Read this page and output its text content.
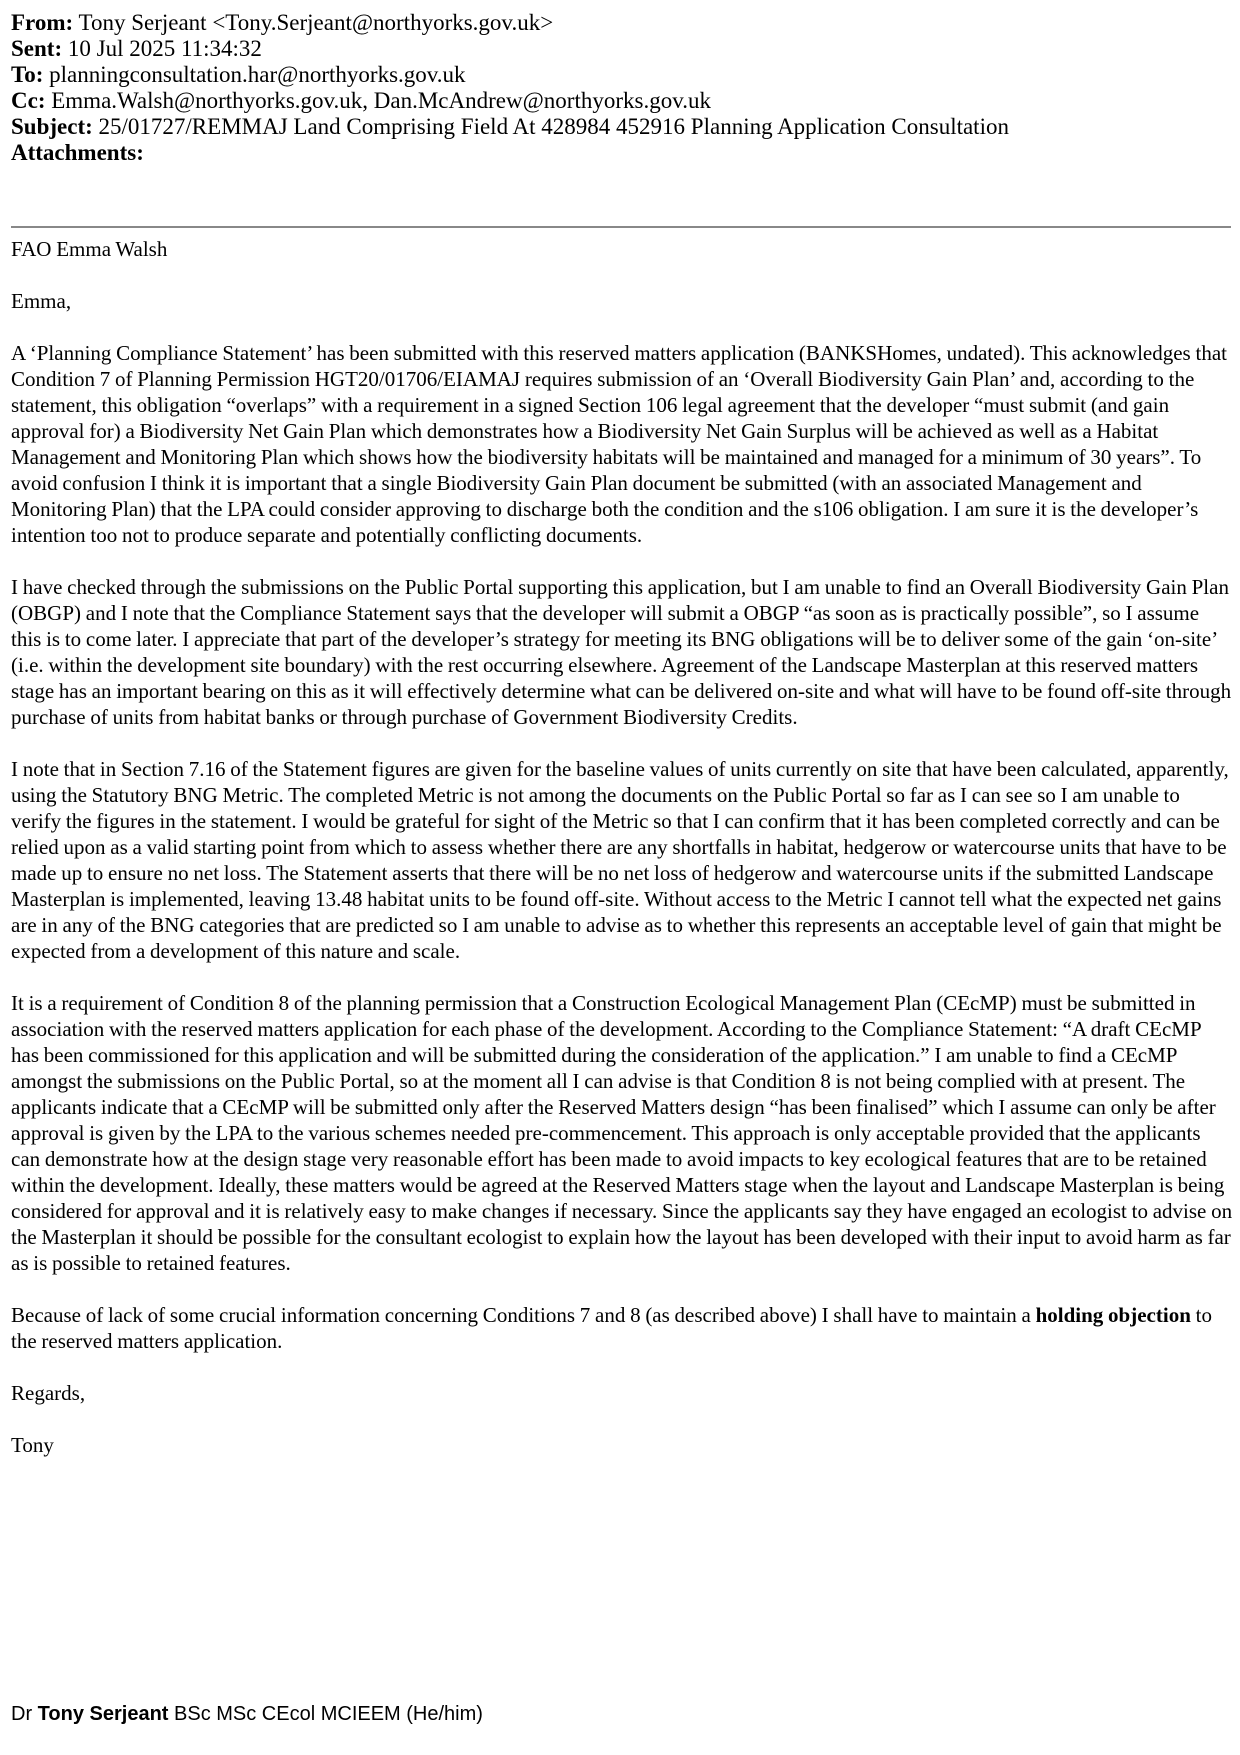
From: Tony Serjeant <Tony.Serjeant@northyorks.gov.uk>
Sent: 10 Jul 2025 11:34:32
To: planningconsultation.har@northyorks.gov.uk
Cc: Emma.Walsh@northyorks.gov.uk, Dan.McAndrew@northyorks.gov.uk
Subject: 25/01727/REMMAJ Land Comprising Field At 428984 452916 Planning Application Consultation
Attachments:

FAO Emma Walsh

Emma,

A ‘Planning Compliance Statement’ has been submitted with this reserved matters application (BANKSHomes, undated). This acknowledges that Condition 7 of Planning Permission HGT20/01706/EIAMAJ requires submission of an ‘Overall Biodiversity Gain Plan’ and, according to the statement, this obligation “overlaps” with a requirement in a signed Section 106 legal agreement that the developer “must submit (and gain approval for) a Biodiversity Net Gain Plan which demonstrates how a Biodiversity Net Gain Surplus will be achieved as well as a Habitat Management and Monitoring Plan which shows how the biodiversity habitats will be maintained and managed for a minimum of 30 years”. To avoid confusion I think it is important that a single Biodiversity Gain Plan document be submitted (with an associated Management and Monitoring Plan) that the LPA could consider approving to discharge both the condition and the s106 obligation. I am sure it is the developer’s intention too not to produce separate and potentially conflicting documents.

I have checked through the submissions on the Public Portal supporting this application, but I am unable to find an Overall Biodiversity Gain Plan (OBGP) and I note that the Compliance Statement says that the developer will submit a OBGP “as soon as is practically possible”, so I assume this is to come later. I appreciate that part of the developer’s strategy for meeting its BNG obligations will be to deliver some of the gain ‘on-site’ (i.e. within the development site boundary) with the rest occurring elsewhere. Agreement of the Landscape Masterplan at this reserved matters stage has an important bearing on this as it will effectively determine what can be delivered on-site and what will have to be found off-site through purchase of units from habitat banks or through purchase of Government Biodiversity Credits.

I note that in Section 7.16 of the Statement figures are given for the baseline values of units currently on site that have been calculated, apparently, using the Statutory BNG Metric. The completed Metric is not among the documents on the Public Portal so far as I can see so I am unable to verify the figures in the statement. I would be grateful for sight of the Metric so that I can confirm that it has been completed correctly and can be relied upon as a valid starting point from which to assess whether there are any shortfalls in habitat, hedgerow or watercourse units that have to be made up to ensure no net loss. The Statement asserts that there will be no net loss of hedgerow and watercourse units if the submitted Landscape Masterplan is implemented, leaving 13.48 habitat units to be found off-site. Without access to the Metric I cannot tell what the expected net gains are in any of the BNG categories that are predicted so I am unable to advise as to whether this represents an acceptable level of gain that might be expected from a development of this nature and scale.

It is a requirement of Condition 8 of the planning permission that a Construction Ecological Management Plan (CEcMP) must be submitted in association with the reserved matters application for each phase of the development. According to the Compliance Statement: “A draft CEcMP has been commissioned for this application and will be submitted during the consideration of the application.” I am unable to find a CEcMP amongst the submissions on the Public Portal, so at the moment all I can advise is that Condition 8 is not being complied with at present. The applicants indicate that a CEcMP will be submitted only after the Reserved Matters design “has been finalised” which I assume can only be after approval is given by the LPA to the various schemes needed pre-commencement. This approach is only acceptable provided that the applicants can demonstrate how at the design stage very reasonable effort has been made to avoid impacts to key ecological features that are to be retained within the development. Ideally, these matters would be agreed at the Reserved Matters stage when the layout and Landscape Masterplan is being considered for approval and it is relatively easy to make changes if necessary. Since the applicants say they have engaged an ecologist to advise on the Masterplan it should be possible for the consultant ecologist to explain how the layout has been developed with their input to avoid harm as far as is possible to retained features.

Because of lack of some crucial information concerning Conditions 7 and 8 (as described above) I shall have to maintain a holding objection to the reserved matters application.

Regards,

Tony

Dr Tony Serjeant BSc MSc CEcol MCIEEM (He/him)
